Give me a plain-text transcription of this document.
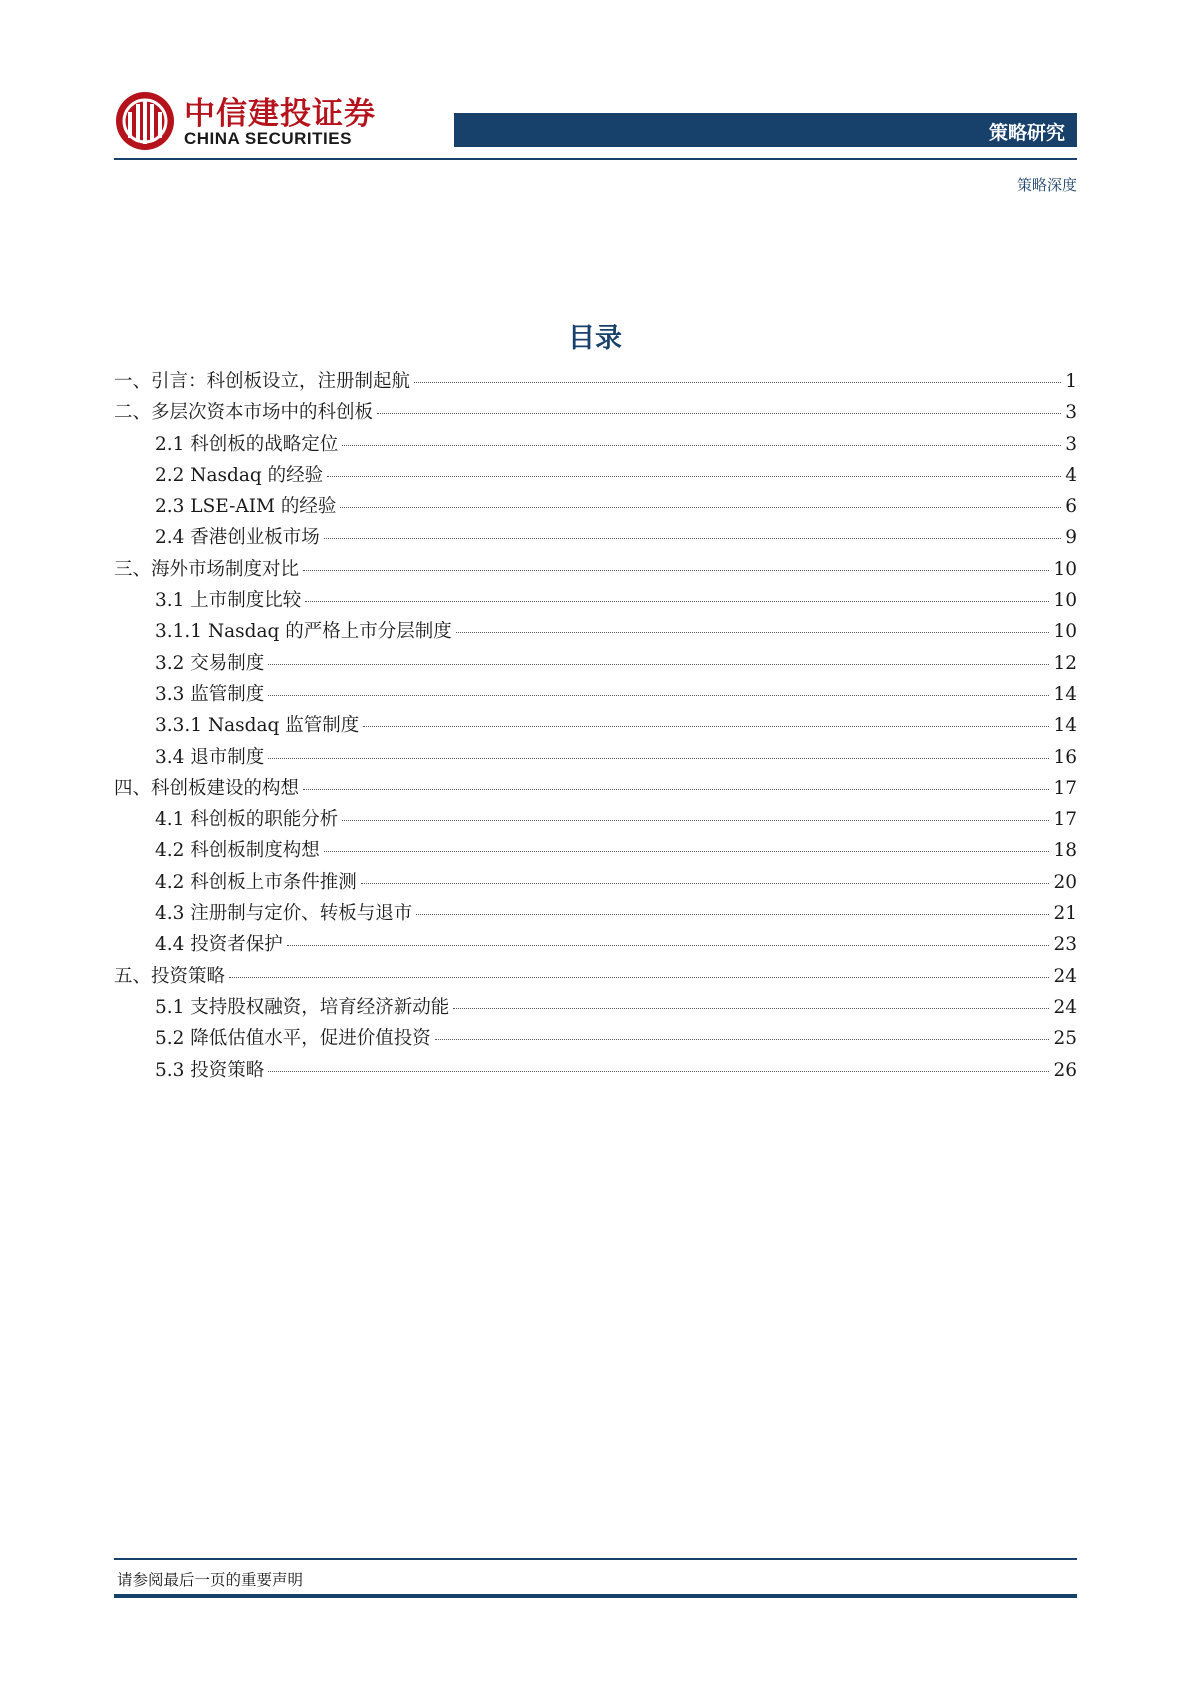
中信建投证券
CHINA SECURITIES	策略研究
策略深度
目录
一、引言：科创板设立，注册制起航	1
二、多层次资本市场中的科创板	3
2.1 科创板的战略定位	3
2.2 Nasdaq 的经验	4
2.3 LSE-AIM 的经验	6
2.4 香港创业板市场	9
三、海外市场制度对比	10
3.1 上市制度比较	10
3.1.1 Nasdaq 的严格上市分层制度	10
3.2 交易制度	12
3.3 监管制度	14
3.3.1 Nasdaq 监管制度	14
3.4 退市制度	16
四、科创板建设的构想	17
4.1 科创板的职能分析	17
4.2 科创板制度构想	18
4.2 科创板上市条件推测	20
4.3 注册制与定价、转板与退市	21
4.4 投资者保护	23
五、投资策略	24
5.1 支持股权融资，培育经济新动能	24
5.2 降低估值水平，促进价值投资	25
5.3 投资策略	26
请参阅最后一页的重要声明
